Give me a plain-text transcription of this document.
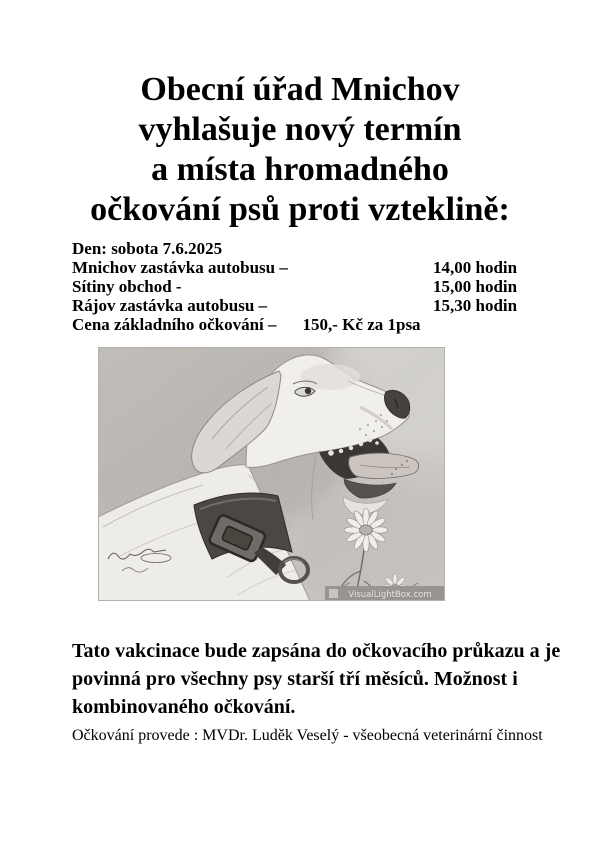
Obecní úřad Mnichov
vyhlašuje nový termín
a místa hromadného
očkování psů proti vzteklině:
Den: sobota 7.6.2025
Mnichov zastávka autobusu –	14,00 hodin
Sítiny obchod -	15,00 hodin
Rájov zastávka autobusu –	15,30 hodin
Cena základního očkování – 150,- Kč za 1psa
VisualLightBox.com
Tato vakcinace bude zapsána do očkovacího průkazu a je
povinná pro všechny psy starší tří měsíců. Možnost i
kombinovaného očkování.
Očkování provede : MVDr. Luděk Veselý - všeobecná veterinární činnost
